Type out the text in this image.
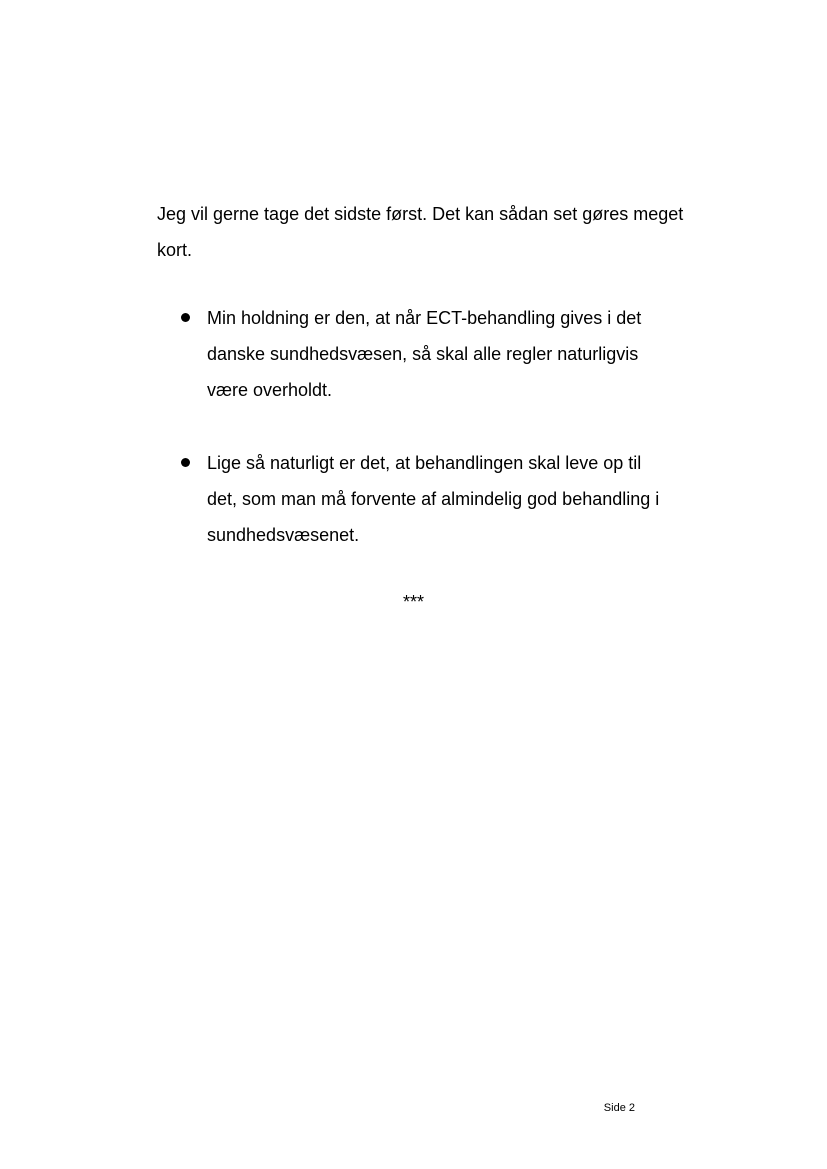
Jeg vil gerne tage det sidste først. Det kan sådan set gøres meget kort.

Min holdning er den, at når ECT-behandling gives i det danske sundhedsvæsen, så skal alle regler naturligvis være overholdt.
Lige så naturligt er det, at behandlingen skal leve op til det, som man må forvente af almindelig god behandling i sundhedsvæsenet.

***

Side 2
